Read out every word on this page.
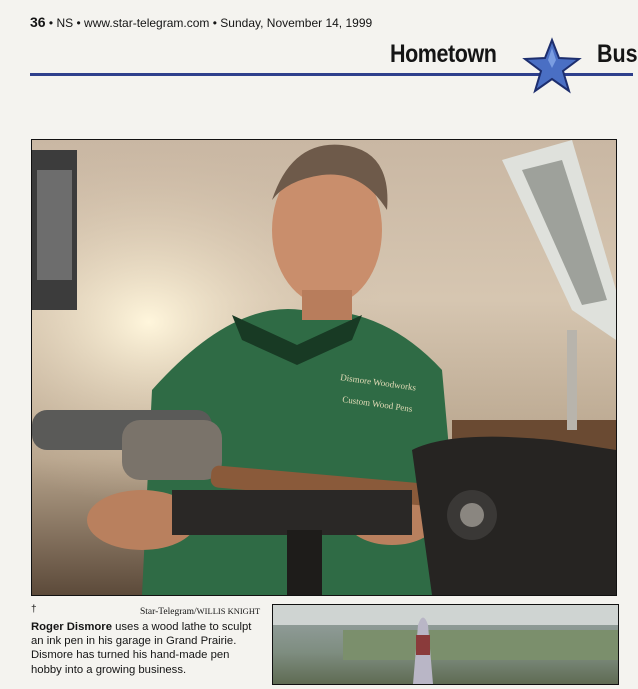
36 • NS • www.star-telegram.com • Sunday, November 14, 1999
Hometown	Bus
Dismore Woodworks
Custom Wood Pens
†	Star-Telegram/WILLIS KNIGHT
Roger Dismore uses a wood lathe to sculpt an ink pen in his garage in Grand Prairie. Dismore has turned his hand-made pen hobby into a growing business.
